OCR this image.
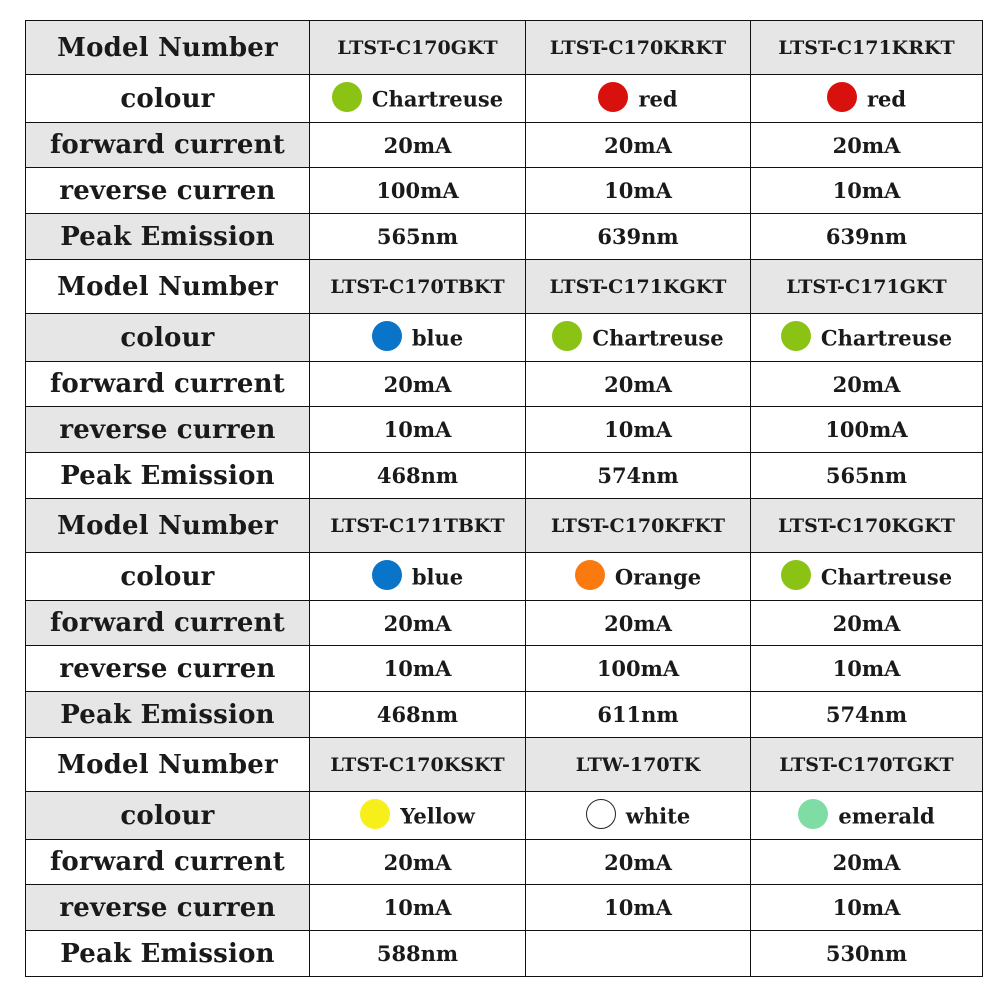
Model Number	LTST-C170GKT	LTST-C170KRKT	LTST-C171KRKT
colour	Chartreuse	red	red
forward current	20mA	20mA	20mA
reverse curren	100mA	10mA	10mA
Peak Emission	565nm	639nm	639nm
Model Number	LTST-C170TBKT	LTST-C171KGKT	LTST-C171GKT
colour	blue	Chartreuse	Chartreuse
forward current	20mA	20mA	20mA
reverse curren	10mA	10mA	100mA
Peak Emission	468nm	574nm	565nm
Model Number	LTST-C171TBKT	LTST-C170KFKT	LTST-C170KGKT
colour	blue	Orange	Chartreuse
forward current	20mA	20mA	20mA
reverse curren	10mA	100mA	10mA
Peak Emission	468nm	611nm	574nm
Model Number	LTST-C170KSKT	LTW-170TK	LTST-C170TGKT
colour	Yellow	white	emerald
forward current	20mA	20mA	20mA
reverse curren	10mA	10mA	10mA
Peak Emission	588nm		530nm
